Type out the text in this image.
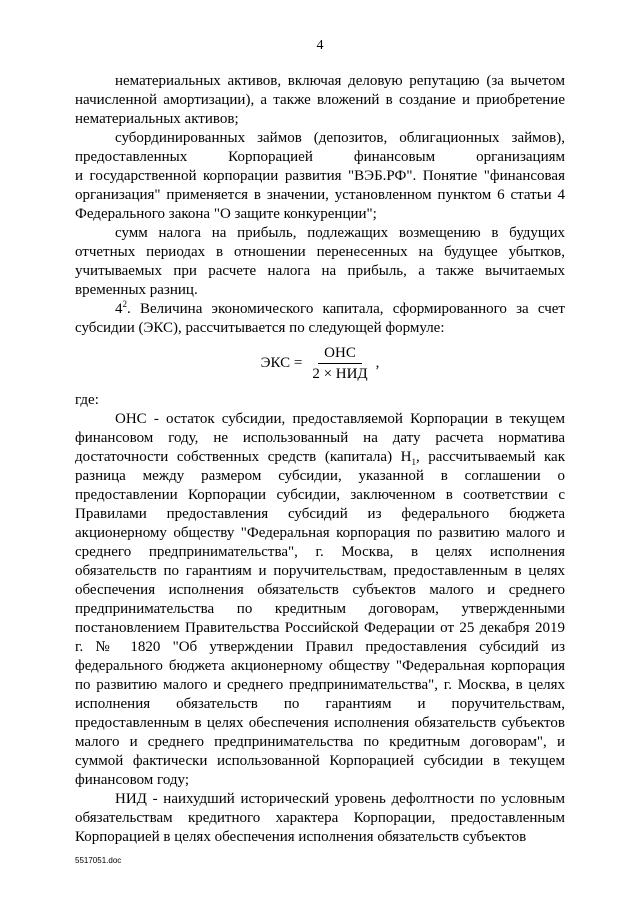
4

нематериальных активов, включая деловую репутацию (за вычетом начисленной амортизации), а также вложений в создание и приобретение нематериальных активов;

субординированных займов (депозитов, облигационных займов), предоставленных Корпорацией финансовым организациям

и государственной корпорации развития "ВЭБ.РФ". Понятие "финансовая организация" применяется в значении, установленном пунктом 6 статьи 4 Федерального закона "О защите конкуренции";

сумм налога на прибыль, подлежащих возмещению в будущих отчетных периодах в отношении перенесенных на будущее убытков, учитываемых при расчете налога на прибыль, а также вычитаемых временных разниц.

$4^2$. Величина экономического капитала, сформированного за счет субсидии (ЭКС), рассчитывается по следующей формуле:

ЭКС = $\frac{\text{ОНС}}{\text{2 × НИД}}$ ,

где:

ОНС - остаток субсидии, предоставляемой Корпорации в текущем финансовом году, не использованный на дату расчета норматива достаточности собственных средств (капитала) $Н_1$, рассчитываемый как разница между размером субсидии, указанной в соглашении о предоставлении Корпорации субсидии, заключенном в соответствии с Правилами предоставления субсидий из федерального бюджета акционерному обществу "Федеральная корпорация по развитию малого и среднего предпринимательства", г. Москва, в целях исполнения обязательств по гарантиям и поручительствам, предоставленным в целях обеспечения исполнения обязательств субъектов малого и среднего предпринимательства по кредитным договорам, утвержденными постановлением Правительства Российской Федерации от 25 декабря 2019 г. № 1820 "Об утверждении Правил предоставления субсидий из федерального бюджета акционерному обществу "Федеральная корпорация по развитию малого и среднего предпринимательства", г. Москва, в целях исполнения обязательств по гарантиям и поручительствам, предоставленным в целях обеспечения исполнения обязательств субъектов малого и среднего предпринимательства по кредитным договорам", и суммой фактически использованной Корпорацией субсидии в текущем финансовом году;

НИД - наихудший исторический уровень дефолтности по условным обязательствам кредитного характера Корпорации, предоставленным Корпорацией в целях обеспечения исполнения обязательств субъектов

5517051.doc
